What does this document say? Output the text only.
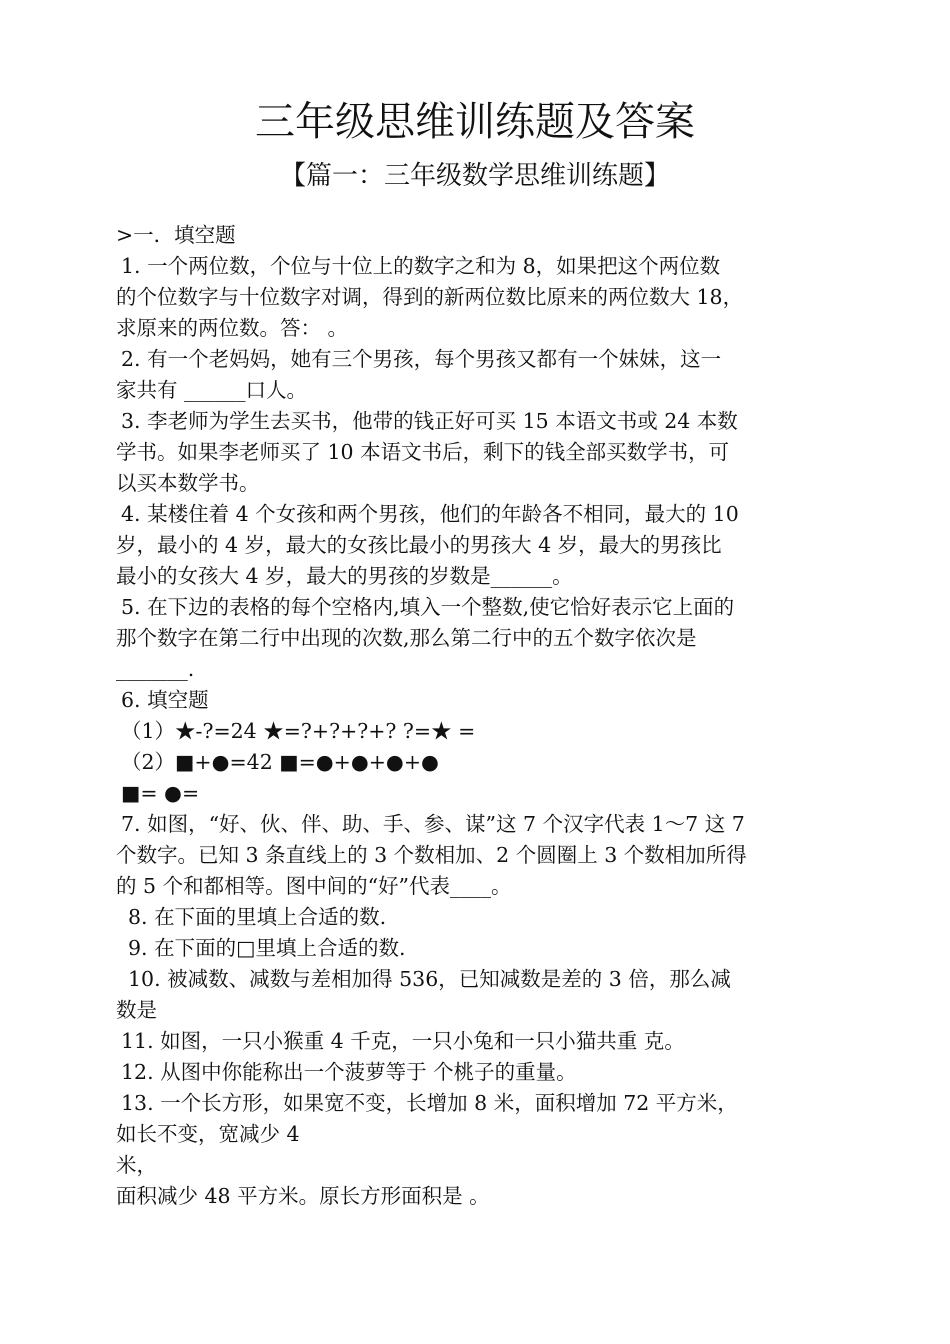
三年级思维训练题及答案
【篇一：三年级数学思维训练题】
>一．填空题
1. 一个两位数，个位与十位上的数字之和为 8，如果把这个两位数
的个位数字与十位数字对调，得到的新两位数比原来的两位数大 18，
求原来的两位数。答： 。
2. 有一个老妈妈，她有三个男孩，每个男孩又都有一个妹妹，这一
家共有 ______口人。
3. 李老师为学生去买书，他带的钱正好可买 15 本语文书或 24 本数
学书。如果李老师买了 10 本语文书后，剩下的钱全部买数学书，可
以买本数学书。
4. 某楼住着 4 个女孩和两个男孩，他们的年龄各不相同，最大的 10
岁，最小的 4 岁，最大的女孩比最小的男孩大 4 岁，最大的男孩比
最小的女孩大 4 岁，最大的男孩的岁数是______。
5. 在下边的表格的每个空格内,填入一个整数,使它恰好表示它上面的
那个数字在第二行中出现的次数,那么第二行中的五个数字依次是
_______.
6. 填空题
（1）★-?=24 ★=?+?+?+? ?=★ =
（2）■+●=42 ■=●+●+●+●
■= ●=
7. 如图，“好、伙、伴、助、手、参、谋”这 7 个汉字代表 1～7 这 7
个数字。已知 3 条直线上的 3 个数相加、2 个圆圈上 3 个数相加所得
的 5 个和都相等。图中间的“好”代表____。
8. 在下面的里填上合适的数.
9. 在下面的□里填上合适的数.
10. 被减数、减数与差相加得 536，已知减数是差的 3 倍，那么减
数是
11. 如图，一只小猴重 4 千克，一只小兔和一只小猫共重 克。
12. 从图中你能称出一个菠萝等于 个桃子的重量。
13. 一个长方形，如果宽不变，长增加 8 米，面积增加 72 平方米，
如长不变，宽减少 4
米，
面积减少 48 平方米。原长方形面积是 。
